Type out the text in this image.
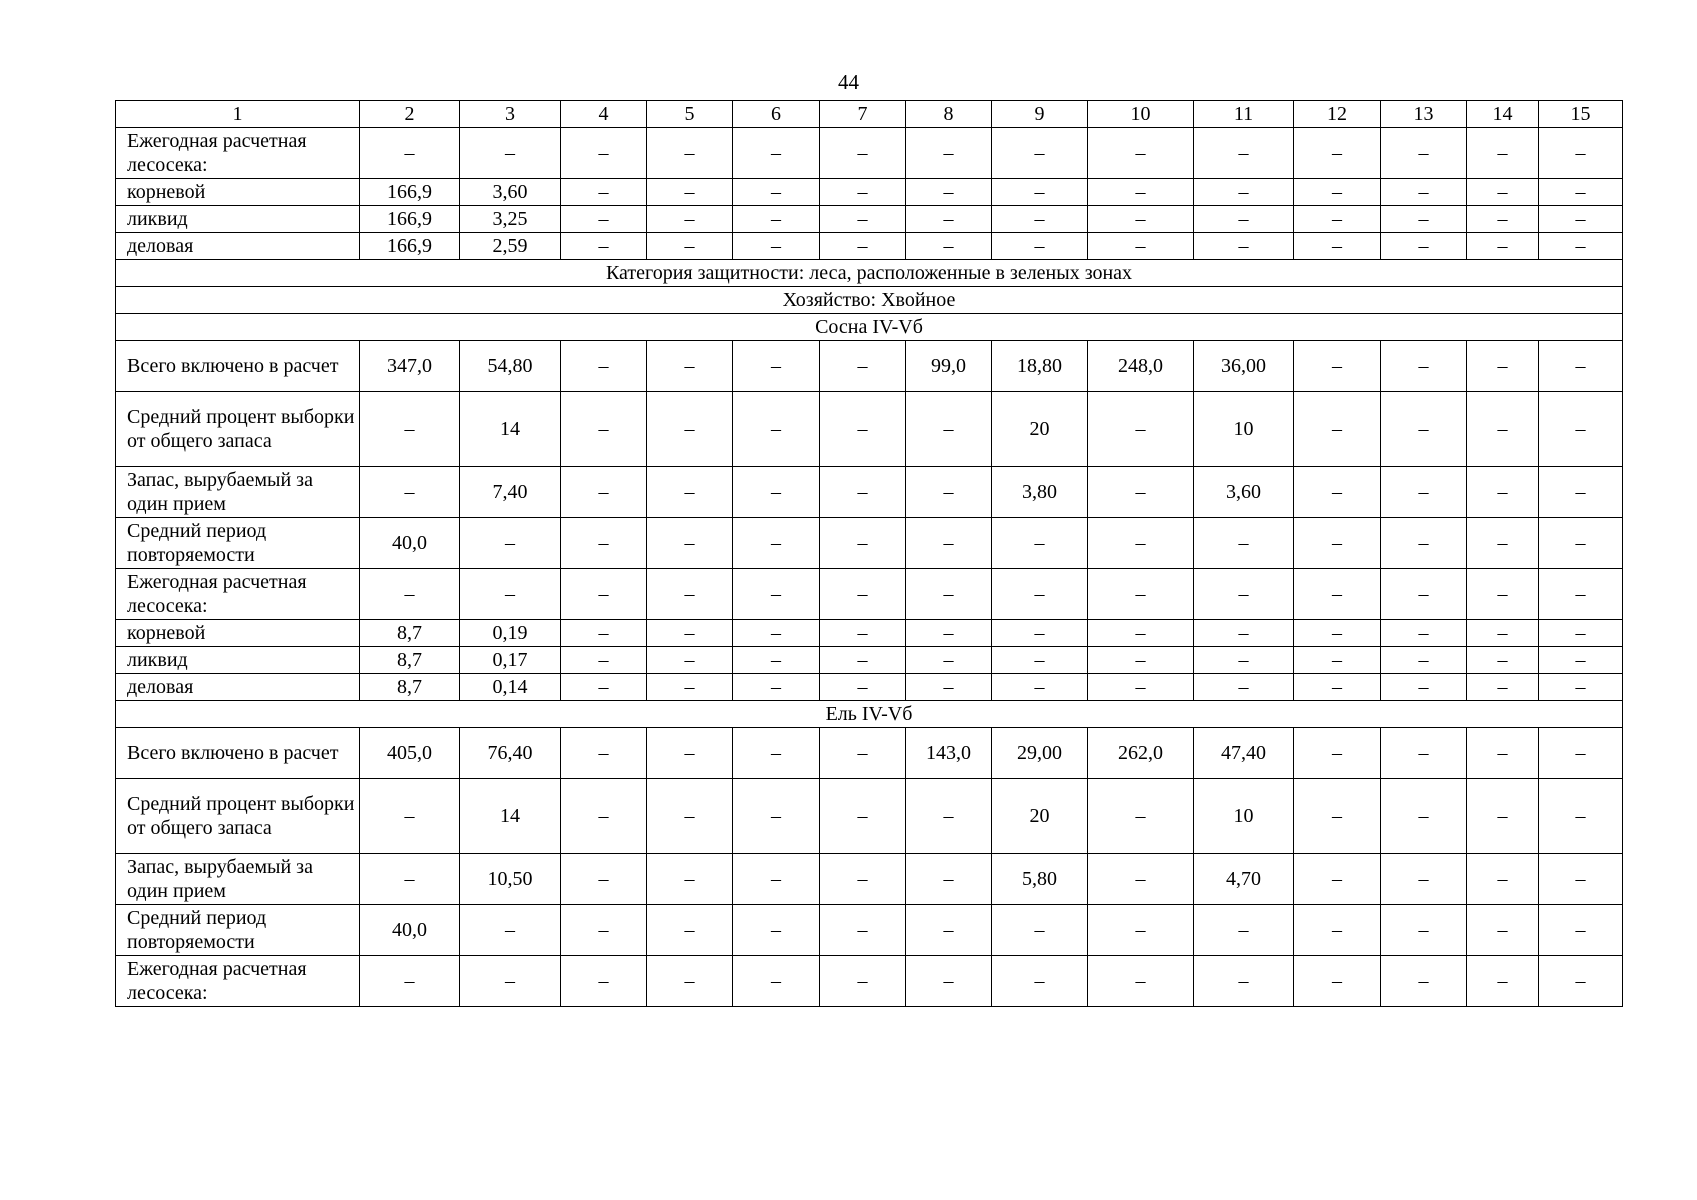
44
1	2	3	4	5	6	7	8	9	10	11	12	13	14	15
Ежегодная расчетная лесосека:	–	–	–	–	–	–	–	–	–	–	–	–	–	–
корневой	166,9	3,60	–	–	–	–	–	–	–	–	–	–	–	–
ликвид	166,9	3,25	–	–	–	–	–	–	–	–	–	–	–	–
деловая	166,9	2,59	–	–	–	–	–	–	–	–	–	–	–	–
Категория защитности: леса, расположенные в зеленых зонах														
Хозяйство: Хвойное														
Сосна IV-Vб														
Всего включено в расчет	347,0	54,80	–	–	–	–	99,0	18,80	248,0	36,00	–	–	–	–
Средний процент выборки от общего запаса	–	14	–	–	–	–	–	20	–	10	–	–	–	–
Запас, вырубаемый за один прием	–	7,40	–	–	–	–	–	3,80	–	3,60	–	–	–	–
Средний период повторяемости	40,0	–	–	–	–	–	–	–	–	–	–	–	–	–
Ежегодная расчетная лесосека:	–	–	–	–	–	–	–	–	–	–	–	–	–	–
корневой	8,7	0,19	–	–	–	–	–	–	–	–	–	–	–	–
ликвид	8,7	0,17	–	–	–	–	–	–	–	–	–	–	–	–
деловая	8,7	0,14	–	–	–	–	–	–	–	–	–	–	–	–
Ель IV-Vб														
Всего включено в расчет	405,0	76,40	–	–	–	–	143,0	29,00	262,0	47,40	–	–	–	–
Средний процент выборки от общего запаса	–	14	–	–	–	–	–	20	–	10	–	–	–	–
Запас, вырубаемый за один прием	–	10,50	–	–	–	–	–	5,80	–	4,70	–	–	–	–
Средний период повторяемости	40,0	–	–	–	–	–	–	–	–	–	–	–	–	–
Ежегодная расчетная лесосека:	–	–	–	–	–	–	–	–	–	–	–	–	–	–
